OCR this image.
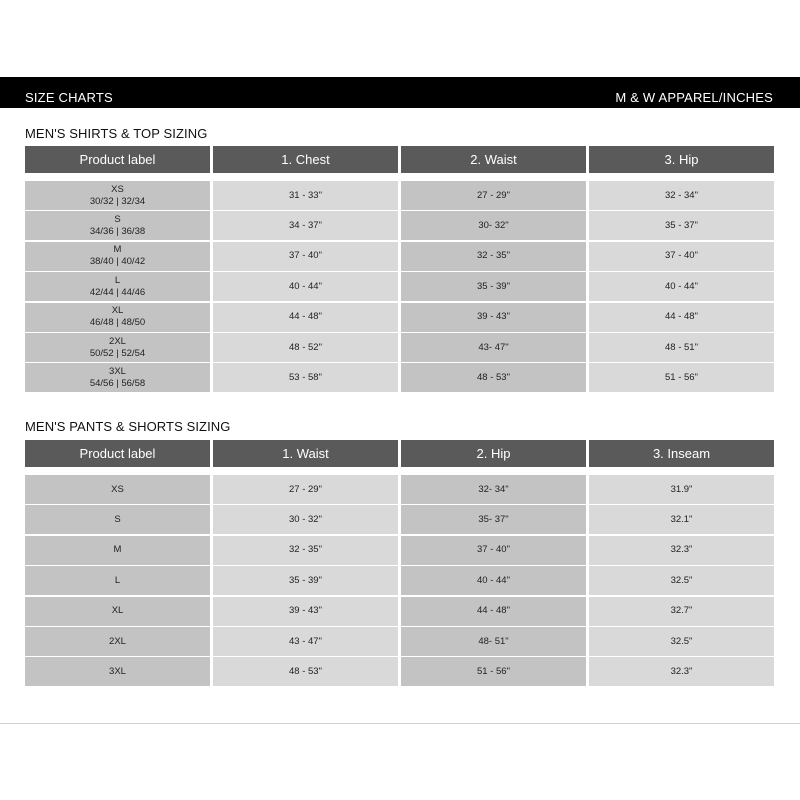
SIZE CHARTS	M & W APPAREL/INCHES
MEN'S SHIRTS & TOP SIZING
Product label	1. Chest	2. Waist	3. Hip
XS
30/32 | 32/34
31 - 33"	27 - 29"	32 - 34"
S
34/36 | 36/38
34 - 37"	30- 32"	35 - 37"
M
38/40 | 40/42
37 - 40"	32 - 35"	37 - 40"
L
42/44 | 44/46
40 - 44"	35 - 39"	40 - 44"
XL
46/48 | 48/50
44 - 48"	39 - 43"	44 - 48"
2XL
50/52 | 52/54
48 - 52"	43- 47"	48 - 51"
3XL
54/56 | 56/58
53 - 58"	48 - 53"	51 - 56"
MEN'S PANTS & SHORTS SIZING
Product label	1. Waist	2. Hip	3. Inseam
XS	27 - 29"	32- 34"	31.9"
S	30 - 32"	35- 37"	32.1"
M	32 - 35"	37 - 40"	32.3"
L	35 - 39"	40 - 44"	32.5"
XL	39 - 43"	44 - 48"	32.7"
2XL	43 - 47"	48- 51"	32.5"
3XL	48 - 53"	51 - 56"	32.3"
